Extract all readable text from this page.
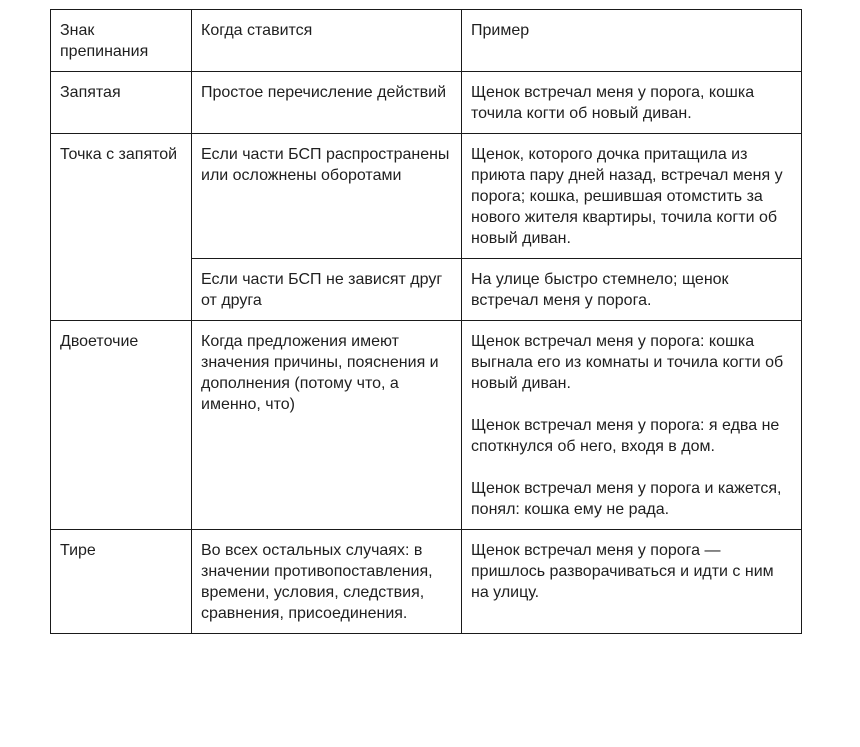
Знак препинания	Когда ставится	Пример
Запятая	Простое перечисление действий	Щенок встречал меня у порога, кошка точила когти об новый диван.
Точка с запятой	Если части БСП распространены или осложнены оборотами	Щенок, которого дочка притащила из приюта пару дней назад, встречал меня у порога; кошка, решившая отомстить за нового жителя квартиры, точила когти об новый диван.
	Если части БСП не зависят друг от друга	На улице быстро стемнело; щенок встречал меня у порога.
Двоеточие	Когда предложения имеют значения причины, пояснения и дополнения (потому что, а именно, что)	Щенок встречал меня у порога: кошка выгнала его из комнаты и точила когти об новый диван.

Щенок встречал меня у порога: я едва не споткнулся об него, входя в дом.

Щенок встречал меня у порога и кажется, понял: кошка ему не рада.

Тире	Во всех остальных случаях: в значении противопоставления, времени, условия, следствия, сравнения, присоединения.	Щенок встречал меня у порога — пришлось разворачиваться и идти с ним на улицу.
